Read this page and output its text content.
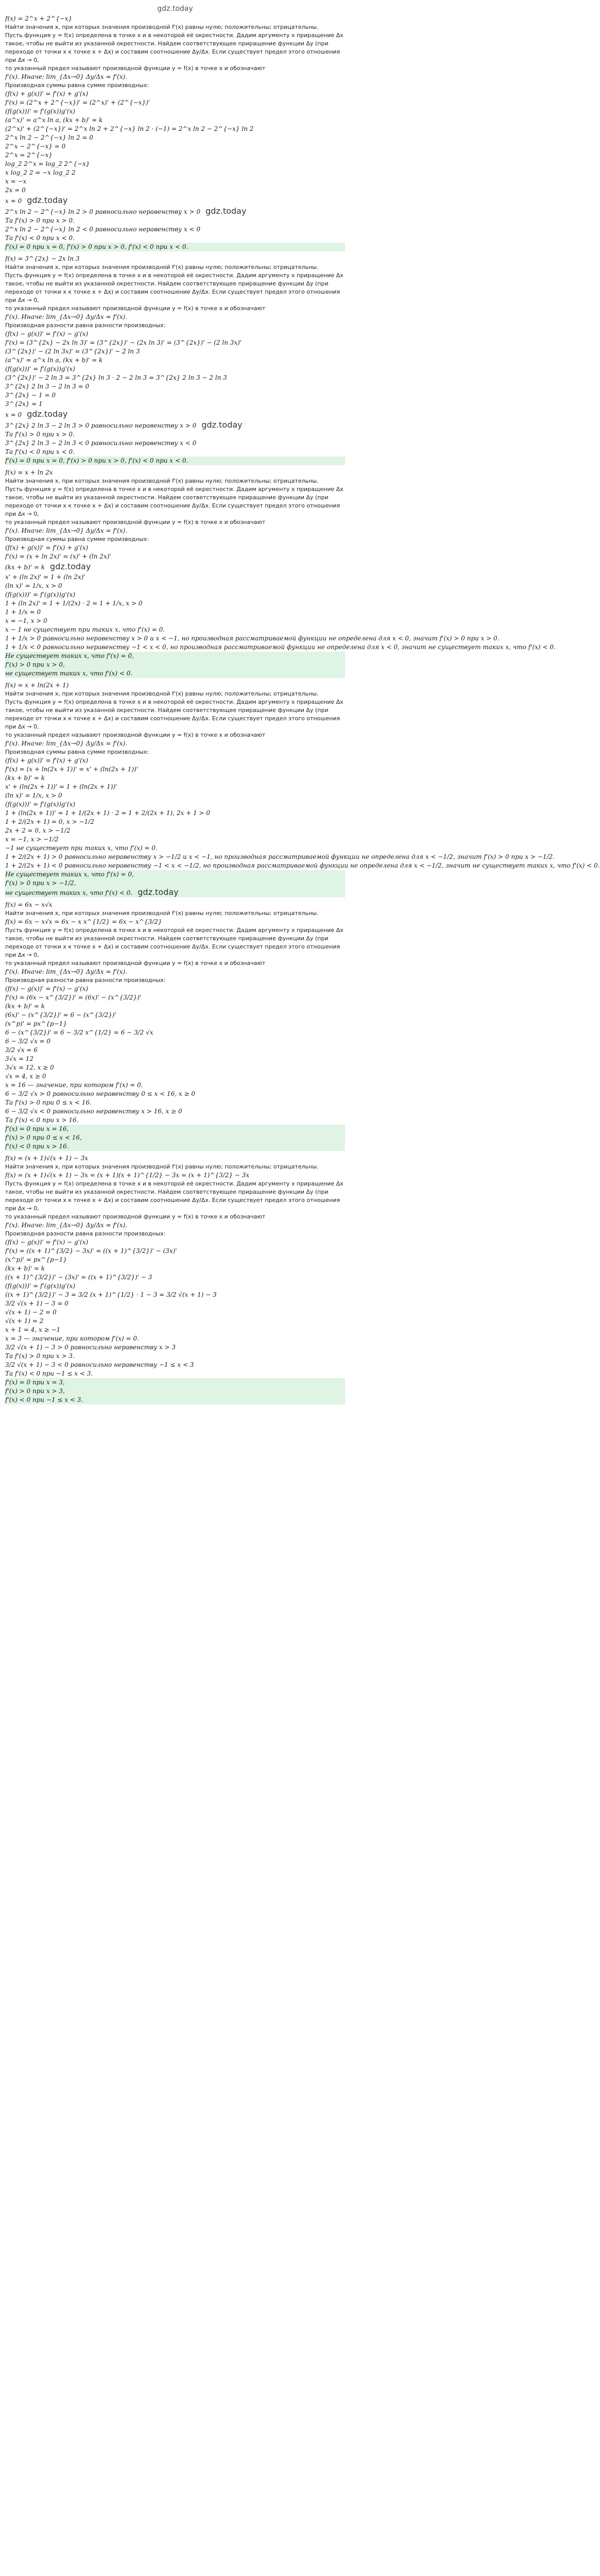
gdz.today
f(x) = 2^x + 2^{−x}
Найти значения x, при которых значения производной f'(x) равны нулю; положительны; отрицательны.
Пусть функция y = f(x) определена в точке x и в некоторой её окрестности. Дадим аргументу x приращение Δx такое, чтобы не выйти из указанной окрестности. Найдем соответствующее приращение функции Δy (при переходе от точки x к точке x + Δx) и составим соотношение Δy/Δx. Если существует предел этого отношения при Δx → 0,
то указанный предел называют производной функции y = f(x) в точке x и обозначают
f'(x). Иначе: lim_{Δx→0} Δy/Δx = f'(x).
Производная суммы равна сумме производных:
(f(x) + g(x))' = f'(x) + g'(x)
f'(x) = (2^x + 2^{−x})' = (2^x)' + (2^{−x})'
(f(g(x)))' = f'(g(x))g'(x)
(a^x)' = a^x ln a, (kx + b)' = k
(2^x)' + (2^{−x})' = 2^x ln 2 + 2^{−x} ln 2 · (−1) = 2^x ln 2 − 2^{−x} ln 2
2^x ln 2 − 2^{−x} ln 2 = 0
2^x − 2^{−x} = 0
2^x = 2^{−x}
log_2 2^x = log_2 2^{−x}
x log_2 2 = −x log_2 2
x = −x
2x = 0
x = 0 gdz.today
2^x ln 2 − 2^{−x} ln 2 > 0 равносильно неравенству x > 0 gdz.today
Та f'(x) > 0 при x > 0.
2^x ln 2 − 2^{−x} ln 2 < 0 равносильно неравенству x < 0
Та f'(x) < 0 при x < 0.
f'(x) = 0 при x = 0, f'(x) > 0 при x > 0, f'(x) < 0 при x < 0.
f(x) = 3^{2x} − 2x ln 3
Найти значения x, при которых значения производной f'(x) равны нулю; положительны; отрицательны.
Пусть функция y = f(x) определена в точке x и в некоторой её окрестности. Дадим аргументу x приращение Δx такое, чтобы не выйти из указанной окрестности. Найдем соответствующее приращение функции Δy (при переходе от точки x к точке x + Δx) и составим соотношение Δy/Δx. Если существует предел этого отношения при Δx → 0,
то указанный предел называют производной функции y = f(x) в точке x и обозначают
f'(x). Иначе: lim_{Δx→0} Δy/Δx = f'(x).
Производная разности равна разности производных:
(f(x) − g(x))' = f'(x) − g'(x)
f'(x) = (3^{2x} − 2x ln 3)' = (3^{2x})' − (2x ln 3)' = (3^{2x})' − (2 ln 3x)'
(3^{2x})' − (2 ln 3x)' = (3^{2x})' − 2 ln 3
(a^x)' = a^x ln a, (kx + b)' = k
(f(g(x)))' = f'(g(x))g'(x)
(3^{2x})' − 2 ln 3 = 3^{2x} ln 3 · 2 − 2 ln 3 = 3^{2x} 2 ln 3 − 2 ln 3
3^{2x} 2 ln 3 − 2 ln 3 = 0
3^{2x} − 1 = 0
3^{2x} = 1
x = 0 gdz.today
3^{2x} 2 ln 3 − 2 ln 3 > 0 равносильно неравенству x > 0 gdz.today
Та f'(x) > 0 при x > 0.
3^{2x} 2 ln 3 − 2 ln 3 < 0 равносильно неравенству x < 0
Та f'(x) < 0 при x < 0.
f'(x) = 0 при x = 0, f'(x) > 0 при x > 0, f'(x) < 0 при x < 0.
f(x) = x + ln 2x
Найти значения x, при которых значения производной f'(x) равны нулю; положительны; отрицательны.
Пусть функция y = f(x) определена в точке x и в некоторой её окрестности. Дадим аргументу x приращение Δx такое, чтобы не выйти из указанной окрестности. Найдем соответствующее приращение функции Δy (при переходе от точки x к точке x + Δx) и составим соотношение Δy/Δx. Если существует предел этого отношения при Δx → 0,
то указанный предел называют производной функции y = f(x) в точке x и обозначают
f'(x). Иначе: lim_{Δx→0} Δy/Δx = f'(x).
Производная суммы равна сумме производных:
(f(x) + g(x))' = f'(x) + g'(x)
f'(x) = (x + ln 2x)' = (x)' + (ln 2x)'
(kx + b)' = k gdz.today
x' + (ln 2x)' = 1 + (ln 2x)'
(ln x)' = 1/x, x > 0
(f(g(x)))' = f'(g(x))g'(x)
1 + (ln 2x)' = 1 + 1/(2x) · 2 = 1 + 1/x, x > 0
1 + 1/x = 0
x = −1, x > 0
x − 1 не существует при таких x, что f'(x) = 0.
1 + 1/x > 0 равносильно неравенству x > 0 и x < −1, но производная рассматриваемой функции не определена для x < 0, значит f'(x) > 0 при x > 0.
1 + 1/x < 0 равносильно неравенству −1 < x < 0, но производная рассматриваемой функции не определена для x < 0, значит не существует таких x, что f'(x) < 0.
Не существует таких x, что f'(x) = 0,
f'(x) > 0 при x > 0,
не существует таких x, что f'(x) < 0.
f(x) = x + ln(2x + 1)
Найти значения x, при которых значения производной f'(x) равны нулю; положительны; отрицательны.
Пусть функция y = f(x) определена в точке x и в некоторой её окрестности. Дадим аргументу x приращение Δx такое, чтобы не выйти из указанной окрестности. Найдем соответствующее приращение функции Δy (при переходе от точки x к точке x + Δx) и составим соотношение Δy/Δx. Если существует предел этого отношения при Δx → 0,
то указанный предел называют производной функции y = f(x) в точке x и обозначают
f'(x). Иначе: lim_{Δx→0} Δy/Δx = f'(x).
Производная суммы равна сумме производных:
(f(x) + g(x))' = f'(x) + g'(x)
f'(x) = (x + ln(2x + 1))' = x' + (ln(2x + 1))'
(kx + b)' = k
x' + (ln(2x + 1))' = 1 + (ln(2x + 1))'
(ln x)' = 1/x, x > 0
(f(g(x)))' = f'(g(x))g'(x)
1 + (ln(2x + 1))' = 1 + 1/(2x + 1) · 2 = 1 + 2/(2x + 1), 2x + 1 > 0
1 + 2/(2x + 1) = 0, x > −1/2
2x + 2 = 0, x > −1/2
x = −1, x > −1/2
−1 не существует при таких x, что f'(x) = 0.
1 + 2/(2x + 1) > 0 равносильно неравенству x > −1/2 и x < −1, но производная рассматриваемой функции не определена для x < −1/2, значит f'(x) > 0 при x > −1/2.
1 + 2/(2x + 1) < 0 равносильно неравенству −1 < x < −1/2, но производная рассматриваемой функции не определена для x < −1/2, значит не существует таких x, что f'(x) < 0.
Не существует таких x, что f'(x) = 0,
f'(x) > 0 при x > −1/2,
не существует таких x, что f'(x) < 0. gdz.today
f(x) = 6x − x√x
Найти значения x, при которых значения производной f'(x) равны нулю; положительны; отрицательны.
f(x) = 6x − x√x = 6x − x x^{1/2} = 6x − x^{3/2}
Пусть функция y = f(x) определена в точке x и в некоторой её окрестности. Дадим аргументу x приращение Δx такое, чтобы не выйти из указанной окрестности. Найдем соответствующее приращение функции Δy (при переходе от точки x к точке x + Δx) и составим соотношение Δy/Δx. Если существует предел этого отношения при Δx → 0,
то указанный предел называют производной функции y = f(x) в точке x и обозначают
f'(x). Иначе: lim_{Δx→0} Δy/Δx = f'(x).
Производная разности равна разности производных:
(f(x) − g(x))' = f'(x) − g'(x)
f'(x) = (6x − x^{3/2})' = (6x)' − (x^{3/2})'
(kx + b)' = k
(6x)' − (x^{3/2})' = 6 − (x^{3/2})'
(x^p)' = px^{p−1}
6 − (x^{3/2})' = 6 − 3/2 x^{1/2} = 6 − 3/2 √x
6 − 3/2 √x = 0
3/2 √x = 6
3√x = 12
3√x = 12, x ≥ 0
√x = 4, x ≥ 0
x = 16 — значение, при котором f'(x) = 0.
6 − 3/2 √x > 0 равносильно неравенству 0 ≤ x < 16, x ≥ 0
Та f'(x) > 0 при 0 ≤ x < 16.
6 − 3/2 √x < 0 равносильно неравенству x > 16, x ≥ 0
Та f'(x) < 0 при x > 16.
f'(x) = 0 при x = 16,
f'(x) > 0 при 0 ≤ x < 16,
f'(x) < 0 при x > 16.
f(x) = (x + 1)√(x + 1) − 3x
Найти значения x, при которых значения производной f'(x) равны нулю; положительны; отрицательны.
f(x) = (x + 1)√(x + 1) − 3x = (x + 1)(x + 1)^{1/2} − 3x = (x + 1)^{3/2} − 3x
Пусть функция y = f(x) определена в точке x и в некоторой её окрестности. Дадим аргументу x приращение Δx такое, чтобы не выйти из указанной окрестности. Найдем соответствующее приращение функции Δy (при переходе от точки x к точке x + Δx) и составим соотношение Δy/Δx. Если существует предел этого отношения при Δx → 0,
то указанный предел называют производной функции y = f(x) в точке x и обозначают
f'(x). Иначе: lim_{Δx→0} Δy/Δx = f'(x).
Производная разности равна разности производных:
(f(x) − g(x))' = f'(x) − g'(x)
f'(x) = ((x + 1)^{3/2} − 3x)' = ((x + 1)^{3/2})' − (3x)'
(x^p)' = px^{p−1}
(kx + b)' = k
((x + 1)^{3/2})' − (3x)' = ((x + 1)^{3/2})' − 3
(f(g(x)))' = f'(g(x))g'(x)
((x + 1)^{3/2})' − 3 = 3/2 (x + 1)^{1/2} · 1 − 3 = 3/2 √(x + 1) − 3
3/2 √(x + 1) − 3 = 0
√(x + 1) − 2 = 0
√(x + 1) = 2
x + 1 = 4, x ≥ −1
x = 3 — значение, при котором f'(x) = 0.
3/2 √(x + 1) − 3 > 0 равносильно неравенству x > 3
Та f'(x) > 0 при x > 3.
3/2 √(x + 1) − 3 < 0 равносильно неравенству −1 ≤ x < 3
Та f'(x) < 0 при −1 ≤ x < 3.
f'(x) = 0 при x = 3,
f'(x) > 0 при x > 3,
f'(x) < 0 при −1 ≤ x < 3.
